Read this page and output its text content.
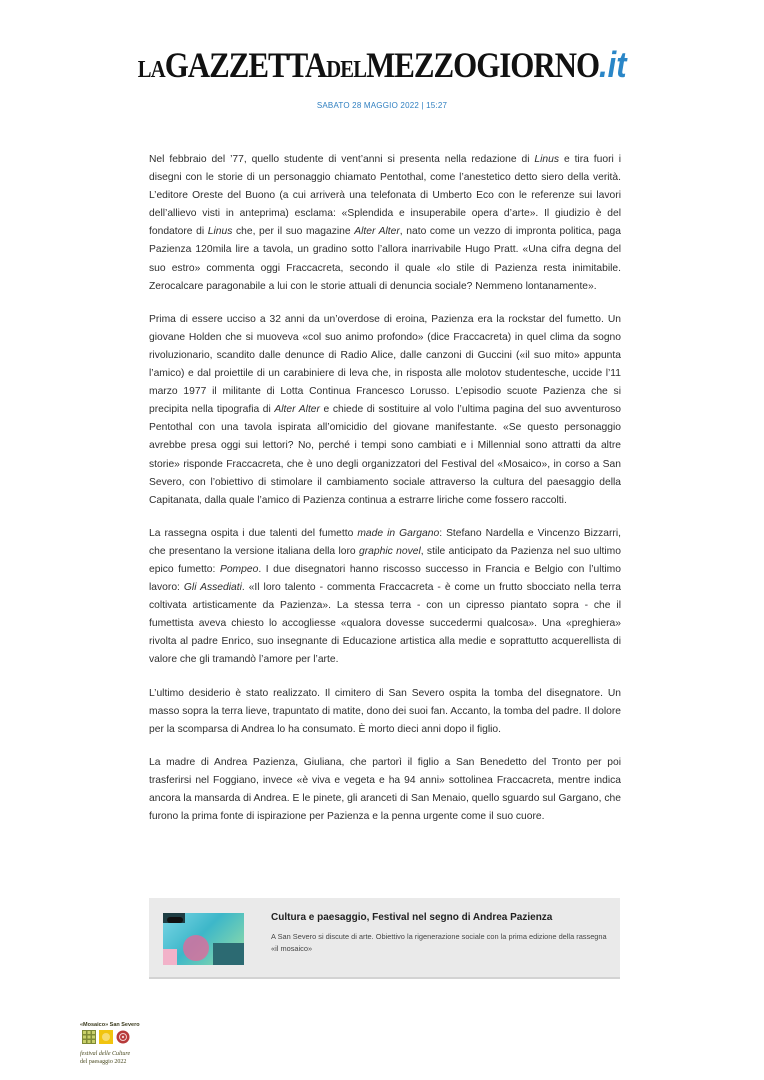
LAGAZZETTADELMEZZOGIORNO.it
SABATO 28 MAGGIO 2022 | 15:27

Nel febbraio del ’77, quello studente di vent’anni si presenta nella redazione di Linus e tira fuori i disegni con le storie di un personaggio chiamato Pentothal, come l’anestetico detto siero della verità. L’editore Oreste del Buono (a cui arriverà una telefonata di Umberto Eco con le referenze sui lavori dell’allievo visti in anteprima) esclama: «Splendida e insuperabile opera d’arte». Il giudizio è del fondatore di Linus che, per il suo magazine Alter Alter, nato come un vezzo di impronta politica, paga Pazienza 120mila lire a tavola, un gradino sotto l’allora inarrivabile Hugo Pratt. «Una cifra degna del suo estro» commenta oggi Fraccacreta, secondo il quale «lo stile di Pazienza resta inimitabile. Zerocalcare paragonabile a lui con le storie attuali di denuncia sociale? Nemmeno lontanamente».

Prima di essere ucciso a 32 anni da un’overdose di eroina, Pazienza era la rockstar del fumetto. Un giovane Holden che si muoveva «col suo animo profondo» (dice Fraccacreta) in quel clima da sogno rivoluzionario, scandito dalle denunce di Radio Alice, dalle canzoni di Guccini («il suo mito» appunta l’amico) e dal proiettile di un carabiniere di leva che, in risposta alle molotov studentesche, uccide l’11 marzo 1977 il militante di Lotta Continua Francesco Lorusso. L’episodio scuote Pazienza che si precipita nella tipografia di Alter Alter e chiede di sostituire al volo l’ultima pagina del suo avventuroso Pentothal con una tavola ispirata all’omicidio del giovane manifestante. «Se questo personaggio avrebbe presa oggi sui lettori? No, perché i tempi sono cambiati e i Millennial sono attratti da altre storie» risponde Fraccacreta, che è uno degli organizzatori del Festival del «Mosaico», in corso a San Severo, con l’obiettivo di stimolare il cambiamento sociale attraverso la cultura del paesaggio della Capitanata, dalla quale l’amico di Pazienza continua a estrarre liriche come fossero raccolti.

La rassegna ospita i due talenti del fumetto made in Gargano: Stefano Nardella e Vincenzo Bizzarri, che presentano la versione italiana della loro graphic novel, stile anticipato da Pazienza nel suo ultimo epico fumetto: Pompeo. I due disegnatori hanno riscosso successo in Francia e Belgio con l’ultimo lavoro: Gli Assediati. «Il loro talento - commenta Fraccacreta - è come un frutto sbocciato nella terra coltivata artisticamente da Pazienza». La stessa terra - con un cipresso piantato sopra - che il fumettista aveva chiesto lo accogliesse «qualora dovesse succedermi qualcosa». Una «preghiera» rivolta al padre Enrico, suo insegnante di Educazione artistica alla medie e soprattutto acquerellista di valore che gli tramandò l’amore per l’arte.

L’ultimo desiderio è stato realizzato. Il cimitero di San Severo ospita la tomba del disegnatore. Un masso sopra la terra lieve, trapuntato di matite, dono dei suoi fan. Accanto, la tomba del padre. Il dolore per la scomparsa di Andrea lo ha consumato. È morto dieci anni dopo il figlio.

La madre di Andrea Pazienza, Giuliana, che partorì il figlio a San Benedetto del Tronto per poi trasferirsi nel Foggiano, invece «è viva e vegeta e ha 94 anni» sottolinea Fraccacreta, mentre indica ancora la mansarda di Andrea. E le pinete, gli aranceti di San Menaio, quello sguardo sul Gargano, che furono la prima fonte di ispirazione per Pazienza e la penna urgente come il suo cuore.

Cultura e paesaggio, Festival nel segno di Andrea Pazienza
A San Severo si discute di arte. Obiettivo la rigenerazione sociale con la prima edizione della rassegna «il mosaico»
«Mosaico» San Severo
festival delle Culture
del paesaggio 2022
